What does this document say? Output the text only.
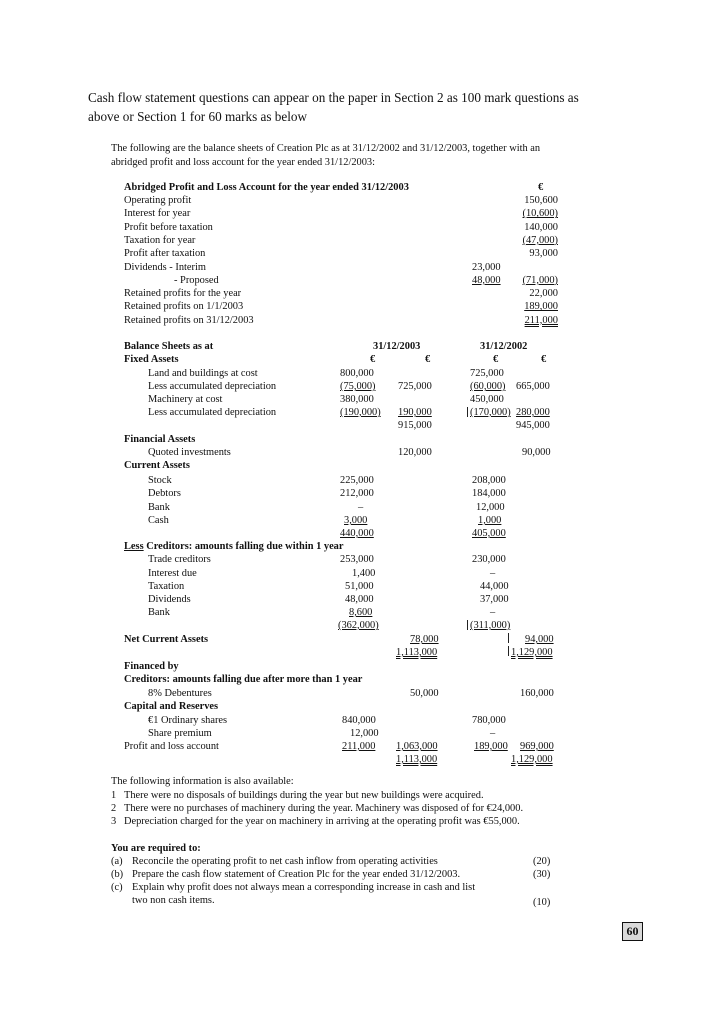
Cash flow statement questions can appear on the paper in Section 2 as 100 mark questions as
above or Section 1 for 60 marks as below
The following are the balance sheets of Creation Plc as at 31/12/2002 and 31/12/2003, together with an
abridged profit and loss account for the year ended 31/12/2003:
Abridged Profit and Loss Account for the year ended 31/12/2003	€
Operating profit	150,600
Interest for year	(10,600)
Profit before taxation	140,000
Taxation for year	(47,000)
Profit after taxation	93,000
Dividends - Interim	23,000
- Proposed	48,000 (71,000)
Retained profits for the year	22,000
Retained profits on 1/1/2003	189,000
Retained profits on 31/12/2003	211,000
Balance Sheets as at	31/12/2003	31/12/2002
Fixed Assets	€	€	€	€
Land and buildings at cost	800,000	725,000
Less accumulated depreciation	(75,000) 725,000	(60,000) 665,000
Machinery at cost	380,000	450,000
Less accumulated depreciation	(190,000) 190,000	(170,000) 280,000
915,000	945,000
Financial Assets
Quoted investments	120,000	90,000
Current Assets
Stock	225,000	208,000
Debtors	212,000	184,000
Bank	–	12,000
Cash	3,000	1,000
440,000	405,000
Less Creditors: amounts falling due within 1 year
Trade creditors	253,000	230,000
Interest due	1,400	–
Taxation	51,000	44,000
Dividends	48,000	37,000
Bank	8,600	–
(362,000)	(311,000)
Net Current Assets	78,000	94,000
1,113,000	1,129,000
Financed by
Creditors: amounts falling due after more than 1 year
8% Debentures	50,000	160,000
Capital and Reserves
€1 Ordinary shares	840,000	780,000
Share premium	12,000	–
Profit and loss account	211,000 1,063,000	189,000 969,000
1,113,000	1,129,000
The following information is also available:
1 There were no disposals of buildings during the year but new buildings were acquired.
2 There were no purchases of machinery during the year. Machinery was disposed of for €24,000.
3 Depreciation charged for the year on machinery in arriving at the operating profit was €55,000.
You are required to:
(a) Reconcile the operating profit to net cash inflow from operating activities	(20)
(b) Prepare the cash flow statement of Creation Plc for the year ended 31/12/2003.	(30)
(c) Explain why profit does not always mean a corresponding increase in cash and list
two non cash items.	(10)
60
